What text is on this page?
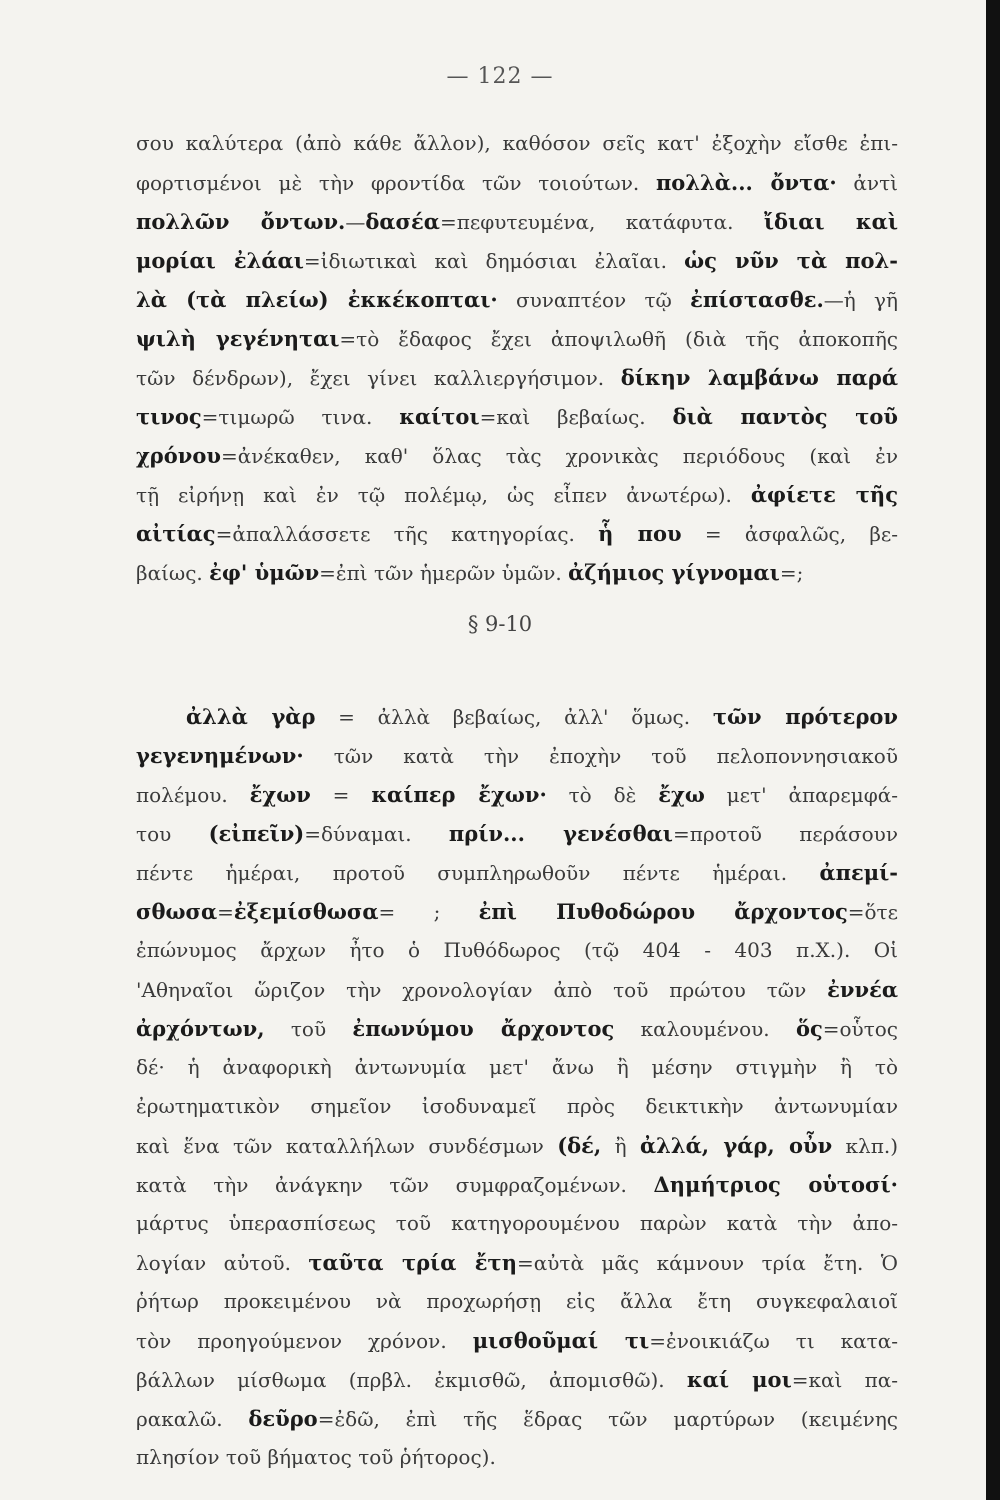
— 122 —
σου καλύτερα (ἀπὸ κάθε ἄλλον), καθόσον σεῖς κατ' ἐξοχὴν εἴσθε ἐπι-
φορτισμένοι μὲ τὴν φροντίδα τῶν τοιούτων. πολλὰ... ὄντα· ἀντὶ
πολλῶν ὄντων.—δασέα=πεφυτευμένα, κατάφυτα. ἴδιαι καὶ
μορίαι ἐλάαι=ἰδιωτικαὶ καὶ δημόσιαι ἐλαῖαι. ὡς νῦν τὰ πολ-
λὰ (τὰ πλείω) ἐκκέκοπται· συναπτέον τῷ ἐπίστασθε.—ἡ γῆ
ψιλὴ γεγένηται=τὸ ἔδαφος ἔχει ἀποψιλωθῆ (διὰ τῆς ἀποκοπῆς
τῶν δένδρων), ἔχει γίνει καλλιεργήσιμον. δίκην λαμβάνω παρά
τινος=τιμωρῶ τινα. καίτοι=καὶ βεβαίως. διὰ παντὸς τοῦ
χρόνου=ἀνέκαθεν, καθ' ὅλας τὰς χρονικὰς περιόδους (καὶ ἐν
τῇ εἰρήνῃ καὶ ἐν τῷ πολέμῳ, ὡς εἶπεν ἀνωτέρω). ἀφίετε τῆς
αἰτίας=ἀπαλλάσσετε τῆς κατηγορίας. ἧ που = ἀσφαλῶς, βε-
βαίως. ἐφ' ὑμῶν=ἐπὶ τῶν ἡμερῶν ὑμῶν. ἀζήμιος γίγνομαι=;
§ 9-10
ἀλλὰ γὰρ = ἀλλὰ βεβαίως, ἀλλ' ὅμως. τῶν πρότερον
γεγενημένων· τῶν κατὰ τὴν ἐποχὴν τοῦ πελοποννησιακοῦ
πολέμου. ἔχων = καίπερ ἔχων· τὸ δὲ ἔχω μετ' ἀπαρεμφά-
του (εἰπεῖν)=δύναμαι. πρίν... γενέσθαι=προτοῦ περάσουν
πέντε ἡμέραι, προτοῦ συμπληρωθοῦν πέντε ἡμέραι. ἀπεμί-
σθωσα=ἐξεμίσθωσα= ; ἐπὶ Πυθοδώρου ἄρχοντος=ὅτε
ἐπώνυμος ἄρχων ἦτο ὁ Πυθόδωρος (τῷ 404 - 403 π.Χ.). Οἱ
'Αθηναῖοι ὥριζον τὴν χρονολογίαν ἀπὸ τοῦ πρώτου τῶν ἐννέα
ἀρχόντων, τοῦ ἐπωνύμου ἄρχοντος καλουμένου. ὅς=οὗτος
δέ· ἡ ἀναφορικὴ ἀντωνυμία μετ' ἄνω ἢ μέσην στιγμὴν ἢ τὸ
ἐρωτηματικὸν σημεῖον ἰσοδυναμεῖ πρὸς δεικτικὴν ἀντωνυμίαν
καὶ ἕνα τῶν καταλλήλων συνδέσμων (δέ, ἢ ἀλλά, γάρ, οὖν κλπ.)
κατὰ τὴν ἀνάγκην τῶν συμφραζομένων. Δημήτριος οὑτοσί·
μάρτυς ὑπερασπίσεως τοῦ κατηγορουμένου παρὼν κατὰ τὴν ἀπο-
λογίαν αὐτοῦ. ταῦτα τρία ἔτη=αὐτὰ μᾶς κάμνουν τρία ἔτη. Ὁ
ῥήτωρ προκειμένου νὰ προχωρήσῃ εἰς ἄλλα ἔτη συγκεφαλαιοῖ
τὸν προηγούμενον χρόνον. μισθοῦμαί τι=ἐνοικιάζω τι κατα-
βάλλων μίσθωμα (πρβλ. ἐκμισθῶ, ἀπομισθῶ). καί μοι=καὶ πα-
ρακαλῶ. δεῦρο=ἐδῶ, ἐπὶ τῆς ἕδρας τῶν μαρτύρων (κειμένης
πλησίον τοῦ βήματος τοῦ ῥήτορος).
